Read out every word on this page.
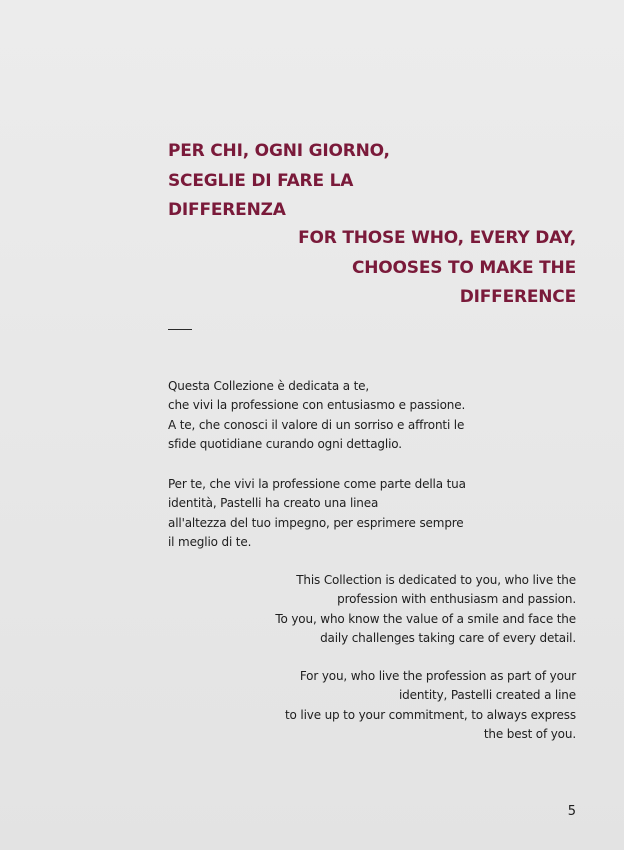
PER CHI, OGNI GIORNO,
SCEGLIE DI FARE LA
DIFFERENZA
FOR THOSE WHO, EVERY DAY,
CHOOSES TO MAKE THE
DIFFERENCE

Questa Collezione è dedicata a te,
che vivi la professione con entusiasmo e passione.
A te, che conosci il valore di un sorriso e affronti le
sfide quotidiane curando ogni dettaglio.

Per te, che vivi la professione come parte della tua
identità, Pastelli ha creato una linea
all'altezza del tuo impegno, per esprimere sempre
il meglio di te.

This Collection is dedicated to you, who live the
profession with enthusiasm and passion.
To you, who know the value of a smile and face the
daily challenges taking care of every detail.

For you, who live the profession as part of your
identity, Pastelli created a line
to live up to your commitment, to always express
the best of you.

5
